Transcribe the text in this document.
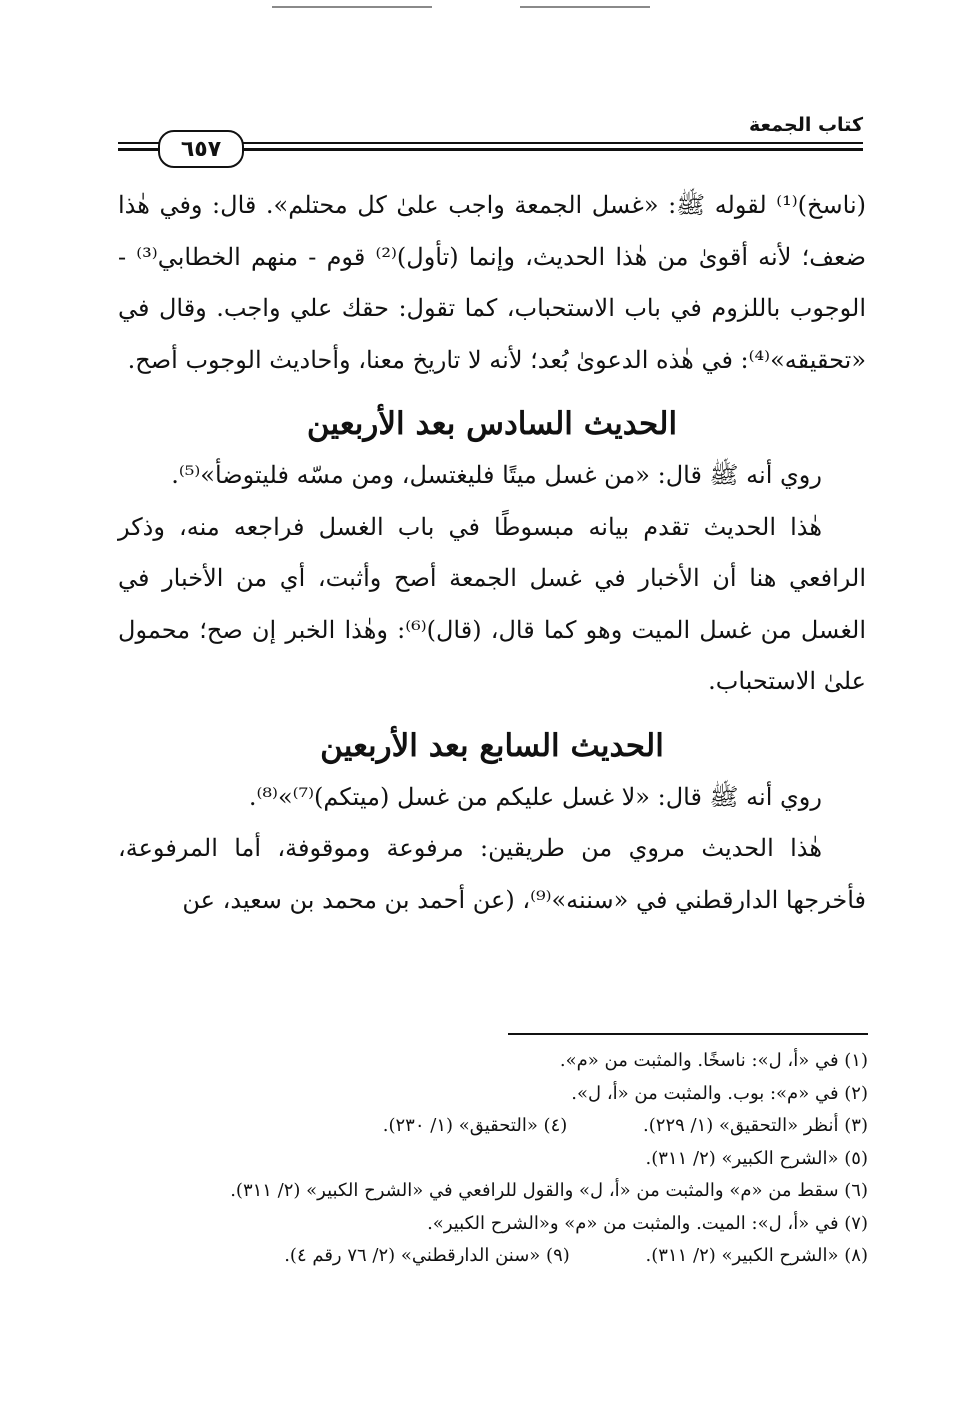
٦٥٧
كتاب الجمعة

(ناسخ)⁽¹⁾ لقوله ﷺ: «غسل الجمعة واجب علىٰ كل محتلم». قال: وفي هٰذا ضعف؛ لأنه أقوىٰ من هٰذا الحديث، وإنما (تأول)⁽²⁾ قوم - منهم الخطابي⁽³⁾ - الوجوب باللزوم في باب الاستحباب، كما تقول: حقك علي واجب. وقال في «تحقيقه»⁽⁴⁾: في هٰذه الدعوىٰ بُعد؛ لأنه لا تاريخ معنا، وأحاديث الوجوب أصح.

الحديث السادس بعد الأربعين

روي أنه ﷺ قال: «من غسل ميتًا فليغتسل، ومن مسّه فليتوضأ»⁽⁵⁾.

هٰذا الحديث تقدم بيانه مبسوطًا في باب الغسل فراجعه منه، وذكر الرافعي هنا أن الأخبار في غسل الجمعة أصح وأثبت، أي من الأخبار في الغسل من غسل الميت وهو كما قال، (قال)⁽⁶⁾: وهٰذا الخبر إن صح؛ محمول علىٰ الاستحباب.

الحديث السابع بعد الأربعين

روي أنه ﷺ قال: «لا غسل عليكم من غسل (ميتكم)⁽⁷⁾»⁽⁸⁾.

هٰذا الحديث مروي من طريقين: مرفوعة وموقوفة، أما المرفوعة، فأخرجها الدارقطني في «سننه»⁽⁹⁾، (عن أحمد بن محمد بن سعيد، عن

(١) في «أ، ل»: ناسخًا. والمثبت من «م».
(٢) في «م»: بوب. والمثبت من «أ، ل».
(٣) أنظر «التحقيق» (١/ ٢٢٩). (٤) «التحقيق» (١/ ٢٣٠).
(٥) «الشرح الكبير» (٢/ ٣١١).
(٦) سقط من «م» والمثبت من «أ، ل» والقول للرافعي في «الشرح الكبير» (٢/ ٣١١).
(٧) في «أ، ل»: الميت. والمثبت من «م» و«الشرح الكبير».
(٨) «الشرح الكبير» (٢/ ٣١١). (٩) «سنن الدارقطني» (٢/ ٧٦ رقم ٤).
